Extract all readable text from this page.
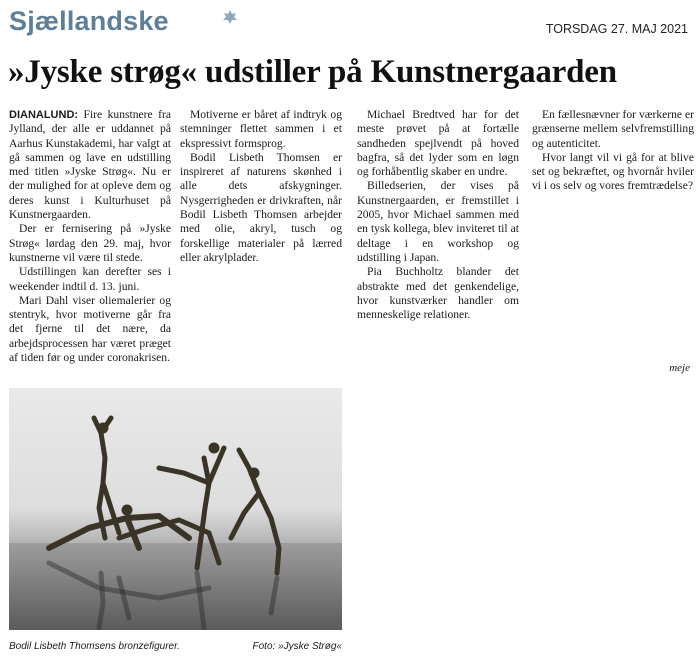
Sjællandske	TORSDAG 27. MAJ 2021
»Jyske strøg« udstiller på Kunstnergaarden

DIANALUND: Fire kunstnere fra Jylland, der alle er uddannet på Aarhus Kunstakademi, har valgt at gå sammen og lave en udstilling med titlen »Jyske Strøg«. Nu er der mulighed for at opleve dem og deres kunst i Kulturhuset på Kunstnergaarden.

Der er fernisering på »Jyske Strøg« lørdag den 29. maj, hvor kunstnerne vil være til stede.

Udstillingen kan derefter ses i weekender indtil d. 13. juni.

Mari Dahl viser oliemalerier og stentryk, hvor motiverne går fra det fjerne til det nære, da arbejdsprocessen har været præget af tiden før og under coronakrisen.

Motiverne er båret af indtryk og stemninger flettet sammen i et ekspressivt formsprog.

Bodil Lisbeth Thomsen er inspireret af naturens skønhed i alle dets afskygninger. Nysgerrigheden er drivkraften, når Bodil Lisbeth Thomsen arbejder med olie, akryl, tusch og forskellige materialer på lærred eller akrylplader.

Michael Bredtved har for det meste prøvet på at fortælle sandheden spejlvendt på hoved bagfra, så det lyder som en løgn og forhåbentlig skaber en undre.

Billedserien, der vises på Kunstnergaarden, er fremstillet i 2005, hvor Michael sammen med en tysk kollega, blev inviteret til at deltage i en workshop og udstilling i Japan.

Pia Buchholtz blander det abstrakte med det genkendelige, hvor kunstværker handler om menneskelige relationer.

En fællesnævner for værkerne er grænserne mellem selvfremstilling og autenticitet.

Hvor langt vil vi gå for at blive set og bekræftet, og hvornår hviler vi i os selv og vores fremtrædelse?

meje
Bodil Lisbeth Thomsens bronzefigurer.	Foto: »Jyske Strøg«
